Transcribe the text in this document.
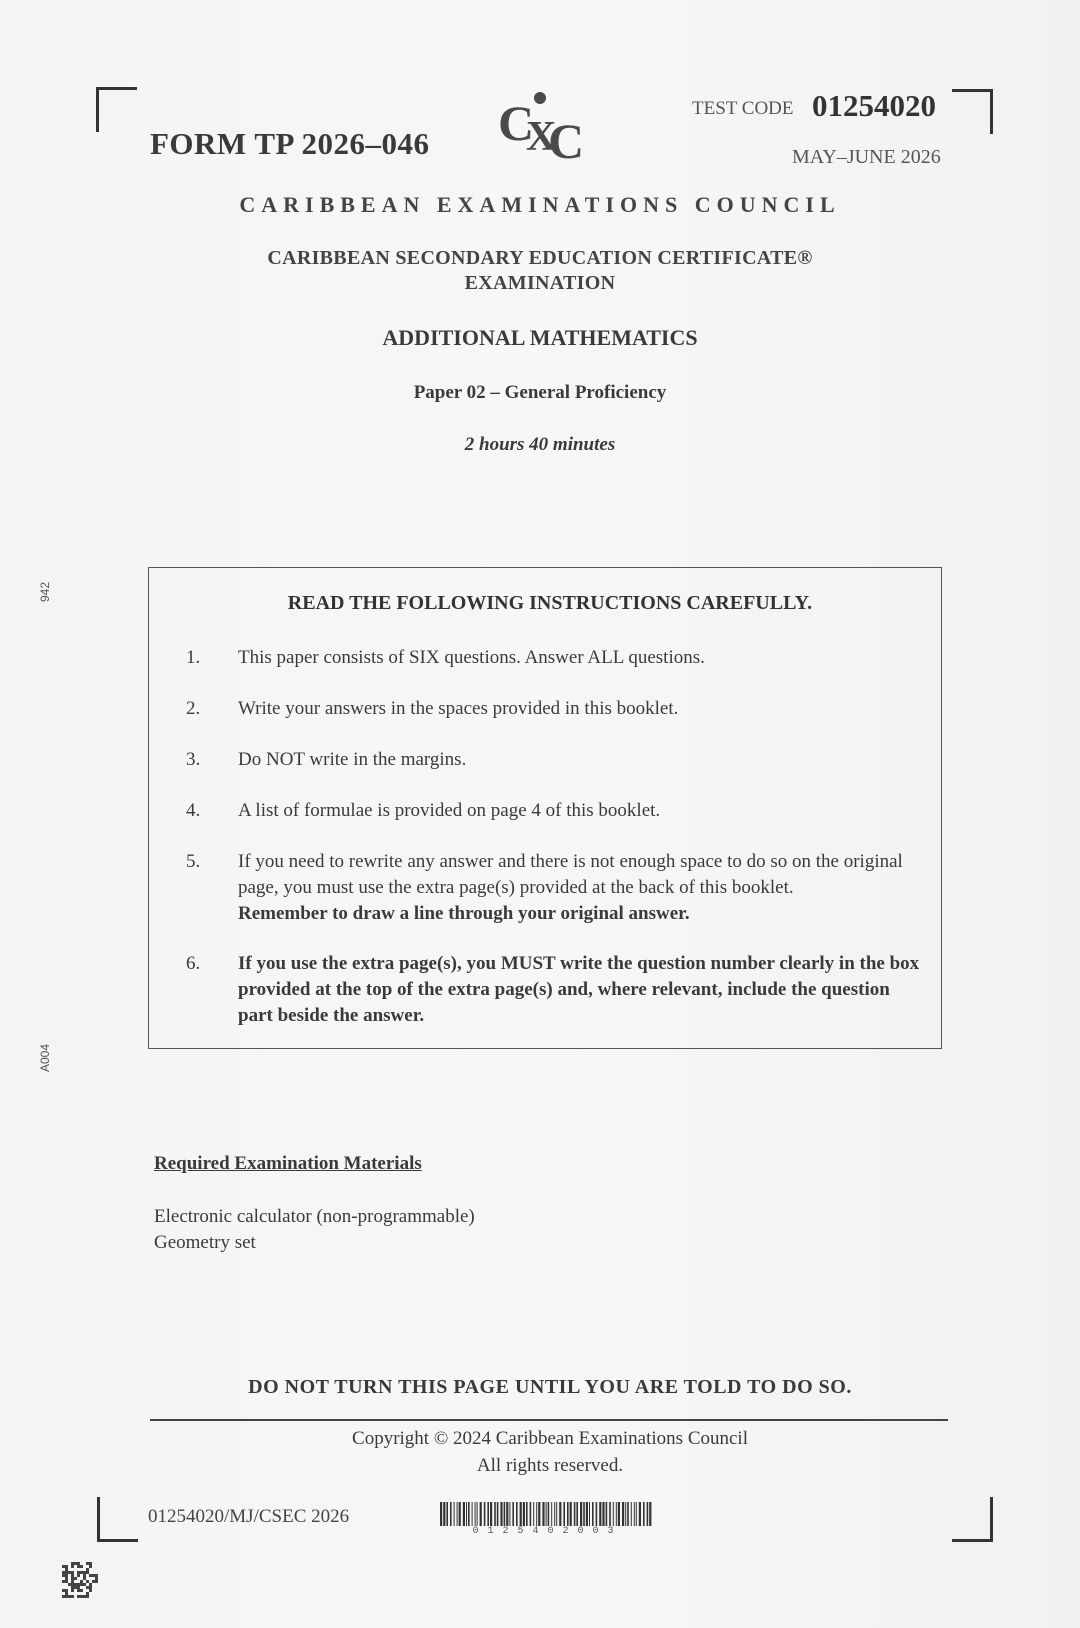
FORM TP 2026–046 C
X
C
TEST CODE 01254020
MAY–JUNE 2026
CARIBBEAN EXAMINATIONS COUNCIL
CARIBBEAN SECONDARY EDUCATION CERTIFICATE®
EXAMINATION
ADDITIONAL MATHEMATICS
Paper 02 – General Proficiency
2 hours 40 minutes
942
A004
READ THE FOLLOWING INSTRUCTIONS CAREFULLY.
1.	This paper consists of SIX questions. Answer ALL questions.
2.	Write your answers in the spaces provided in this booklet.
3.	Do NOT write in the margins.
4.	A list of formulae is provided on page 4 of this booklet.
5.	If you need to rewrite any answer and there is not enough space to do so on the original page, you must use the extra page(s) provided at the back of this booklet.
Remember to draw a line through your original answer.
6.	If you use the extra page(s), you MUST write the question number clearly in the box provided at the top of the extra page(s) and, where relevant, include the question part beside the answer.
Required Examination Materials
Electronic calculator (non-programmable)
Geometry set
DO NOT TURN THIS PAGE UNTIL YOU ARE TOLD TO DO SO.
Copyright © 2024 Caribbean Examinations Council
All rights reserved.
01254020/MJ/CSEC 2026
0125402003
